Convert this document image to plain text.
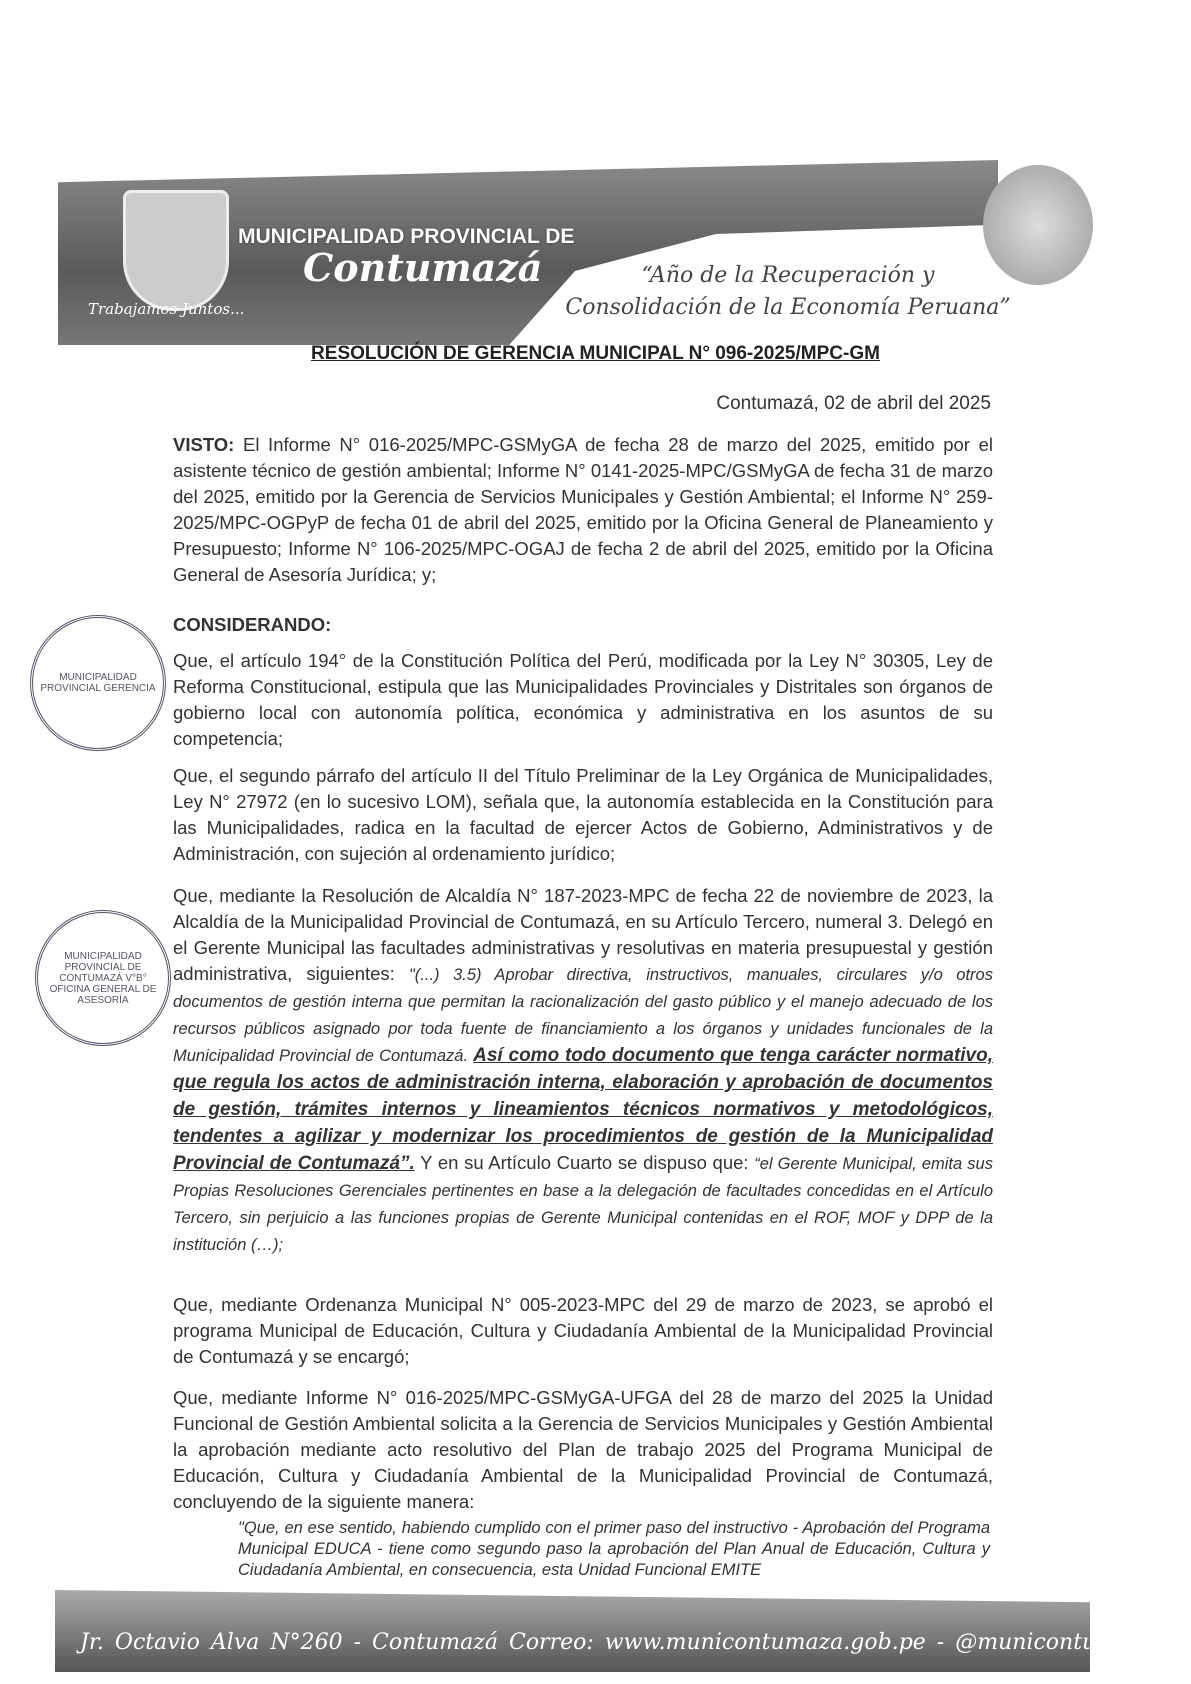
MUNICIPALIDAD PROVINCIAL DE
Contumazá
Trabajamos Juntos...
“Año de la Recuperación y
Consolidación de la Economía Peruana”
RESOLUCIÓN DE GERENCIA MUNICIPAL N° 096-2025/MPC-GM
Contumazá, 02 de abril del 2025

VISTO: El Informe N° 016-2025/MPC-GSMyGA de fecha 28 de marzo del 2025, emitido por el asistente técnico de gestión ambiental; Informe N° 0141-2025-MPC/GSMyGA de fecha 31 de marzo del 2025, emitido por la Gerencia de Servicios Municipales y Gestión Ambiental; el Informe N° 259-2025/MPC-OGPyP de fecha 01 de abril del 2025, emitido por la Oficina General de Planeamiento y Presupuesto; Informe N° 106-2025/MPC-OGAJ de fecha 2 de abril del 2025, emitido por la Oficina General de Asesoría Jurídica; y;

CONSIDERANDO:

Que, el artículo 194° de la Constitución Política del Perú, modificada por la Ley N° 30305, Ley de Reforma Constitucional, estipula que las Municipalidades Provinciales y Distritales son órganos de gobierno local con autonomía política, económica y administrativa en los asuntos de su competencia;

Que, el segundo párrafo del artículo II del Título Preliminar de la Ley Orgánica de Municipalidades, Ley N° 27972 (en lo sucesivo LOM), señala que, la autonomía establecida en la Constitución para las Municipalidades, radica en la facultad de ejercer Actos de Gobierno, Administrativos y de Administración, con sujeción al ordenamiento jurídico;

Que, mediante la Resolución de Alcaldía N° 187-2023-MPC de fecha 22 de noviembre de 2023, la Alcaldía de la Municipalidad Provincial de Contumazá, en su Artículo Tercero, numeral 3. Delegó en el Gerente Municipal las facultades administrativas y resolutivas en materia presupuestal y gestión administrativa, siguientes: "(...) 3.5) Aprobar directiva, instructivos, manuales, circulares y/o otros documentos de gestión interna que permitan la racionalización del gasto público y el manejo adecuado de los recursos públicos asignado por toda fuente de financiamiento a los órganos y unidades funcionales de la Municipalidad Provincial de Contumazá. Así como todo documento que tenga carácter normativo, que regula los actos de administración interna, elaboración y aprobación de documentos de gestión, trámites internos y lineamientos técnicos normativos y metodológicos, tendentes a agilizar y modernizar los procedimientos de gestión de la Municipalidad Provincial de Contumazá”. Y en su Artículo Cuarto se dispuso que: “el Gerente Municipal, emita sus Propias Resoluciones Gerenciales pertinentes en base a la delegación de facultades concedidas en el Artículo Tercero, sin perjuicio a las funciones propias de Gerente Municipal contenidas en el ROF, MOF y DPP de la institución (…);

Que, mediante Ordenanza Municipal N° 005-2023-MPC del 29 de marzo de 2023, se aprobó el programa Municipal de Educación, Cultura y Ciudadanía Ambiental de la Municipalidad Provincial de Contumazá y se encargó;

Que, mediante Informe N° 016-2025/MPC-GSMyGA-UFGA del 28 de marzo del 2025 la Unidad Funcional de Gestión Ambiental solicita a la Gerencia de Servicios Municipales y Gestión Ambiental la aprobación mediante acto resolutivo del Plan de trabajo 2025 del Programa Municipal de Educación, Cultura y Ciudadanía Ambiental de la Municipalidad Provincial de Contumazá, concluyendo de la siguiente manera:

"Que, en ese sentido, habiendo cumplido con el primer paso del instructivo - Aprobación del Programa Municipal EDUCA - tiene como segundo paso la aprobación del Plan Anual de Educación, Cultura y Ciudadanía Ambiental, en consecuencia, esta Unidad Funcional EMITE

MUNICIPALIDAD PROVINCIAL GERENCIA
MUNICIPALIDAD PROVINCIAL DE CONTUMAZÁ V°B° OFICINA GENERAL DE ASESORÍA
Jr. Octavio Alva N°260 - Contumazá Correo: www.municontumaza.gob.pe - @municontumaza
